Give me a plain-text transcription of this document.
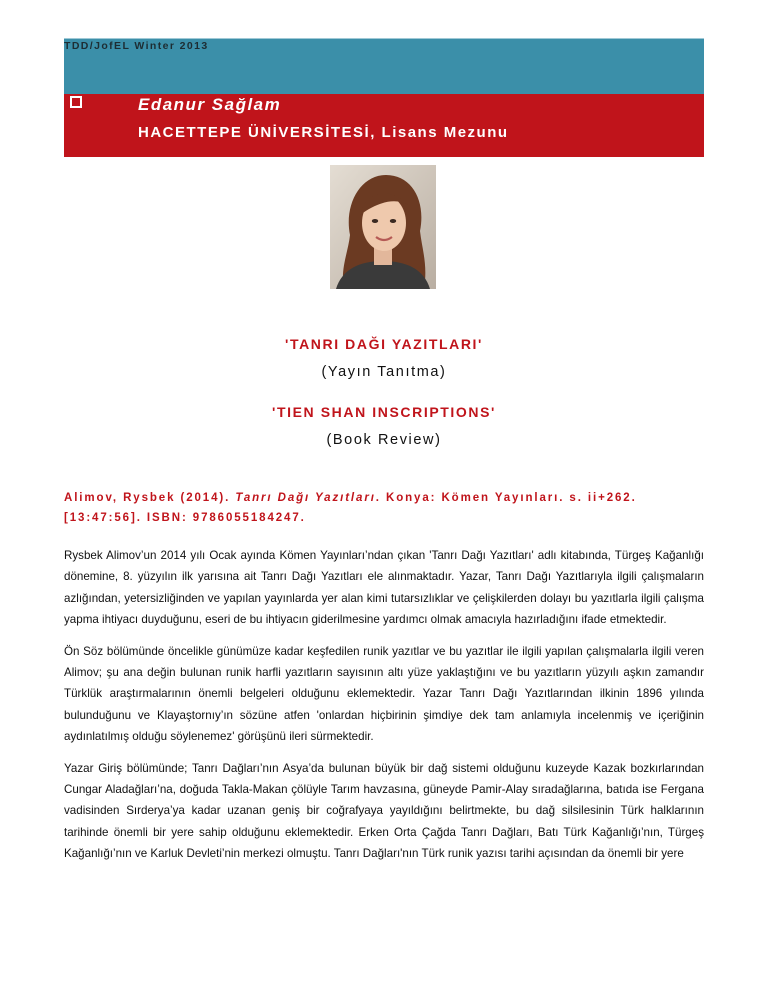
TDD/JofEL Winter 2013
Edanur Sağlam
HACETTEPE ÜNİVERSİTESİ, Lisans Mezunu
'TANRI DAĞI YAZITLARI'
(Yayın Tanıtma)
'TIEN SHAN INSCRIPTIONS'
(Book Review)
Alimov, Rysbek (2014). Tanrı Dağı Yazıtları. Konya: Kömen Yayınları. s. ii+262. [13:47:56]. ISBN: 9786055184247.

Rysbek Alimov’un 2014 yılı Ocak ayında Kömen Yayınları’ndan çıkan 'Tanrı Dağı Yazıtları' adlı kitabında, Türgeş Kağanlığı dönemine, 8. yüzyılın ilk yarısına ait Tanrı Dağı Yazıtları ele alınmaktadır. Yazar, Tanrı Dağı Yazıtlarıyla ilgili çalışmaların azlığından, yetersizliğinden ve yapılan yayınlarda yer alan kimi tutarsızlıklar ve çelişkilerden dolayı bu yazıtlarla ilgili çalışma yapma ihtiyacı duyduğunu, eseri de bu ihtiyacın giderilmesine yardımcı olmak amacıyla hazırladığını ifade etmektedir.

Ön Söz bölümünde öncelikle günümüze kadar keşfedilen runik yazıtlar ve bu yazıtlar ile ilgili yapılan çalışmalarla ilgili veren Alimov; şu ana değin bulunan runik harfli yazıtların sayısının altı yüze yaklaştığını ve bu yazıtların yüzyılı aşkın zamandır Türklük araştırmalarının önemli belgeleri olduğunu eklemektedir. Yazar Tanrı Dağı Yazıtlarından ilkinin 1896 yılında bulunduğunu ve Klayaştornıy’ın sözüne atfen 'onlardan hiçbirinin şimdiye dek tam anlamıyla incelenmiş ve içeriğinin aydınlatılmış olduğu söylenemez' görüşünü ileri sürmektedir.

Yazar Giriş bölümünde; Tanrı Dağları’nın Asya’da bulunan büyük bir dağ sistemi olduğunu kuzeyde Kazak bozkırlarından Cungar Aladağları’na, doğuda Takla-Makan çölüyle Tarım havzasına, güneyde Pamir-Alay sıradağlarına, batıda ise Fergana vadisinden Sırderya’ya kadar uzanan geniş bir coğrafyaya yayıldığını belirtmekte, bu dağ silsilesinin Türk halklarının tarihinde önemli bir yere sahip olduğunu eklemektedir. Erken Orta Çağda Tanrı Dağları, Batı Türk Kağanlığı’nın, Türgeş Kağanlığı’nın ve Karluk Devleti’nin merkezi olmuştu. Tanrı Dağları'nın Türk runik yazısı tarihi açısından da önemli bir yere
